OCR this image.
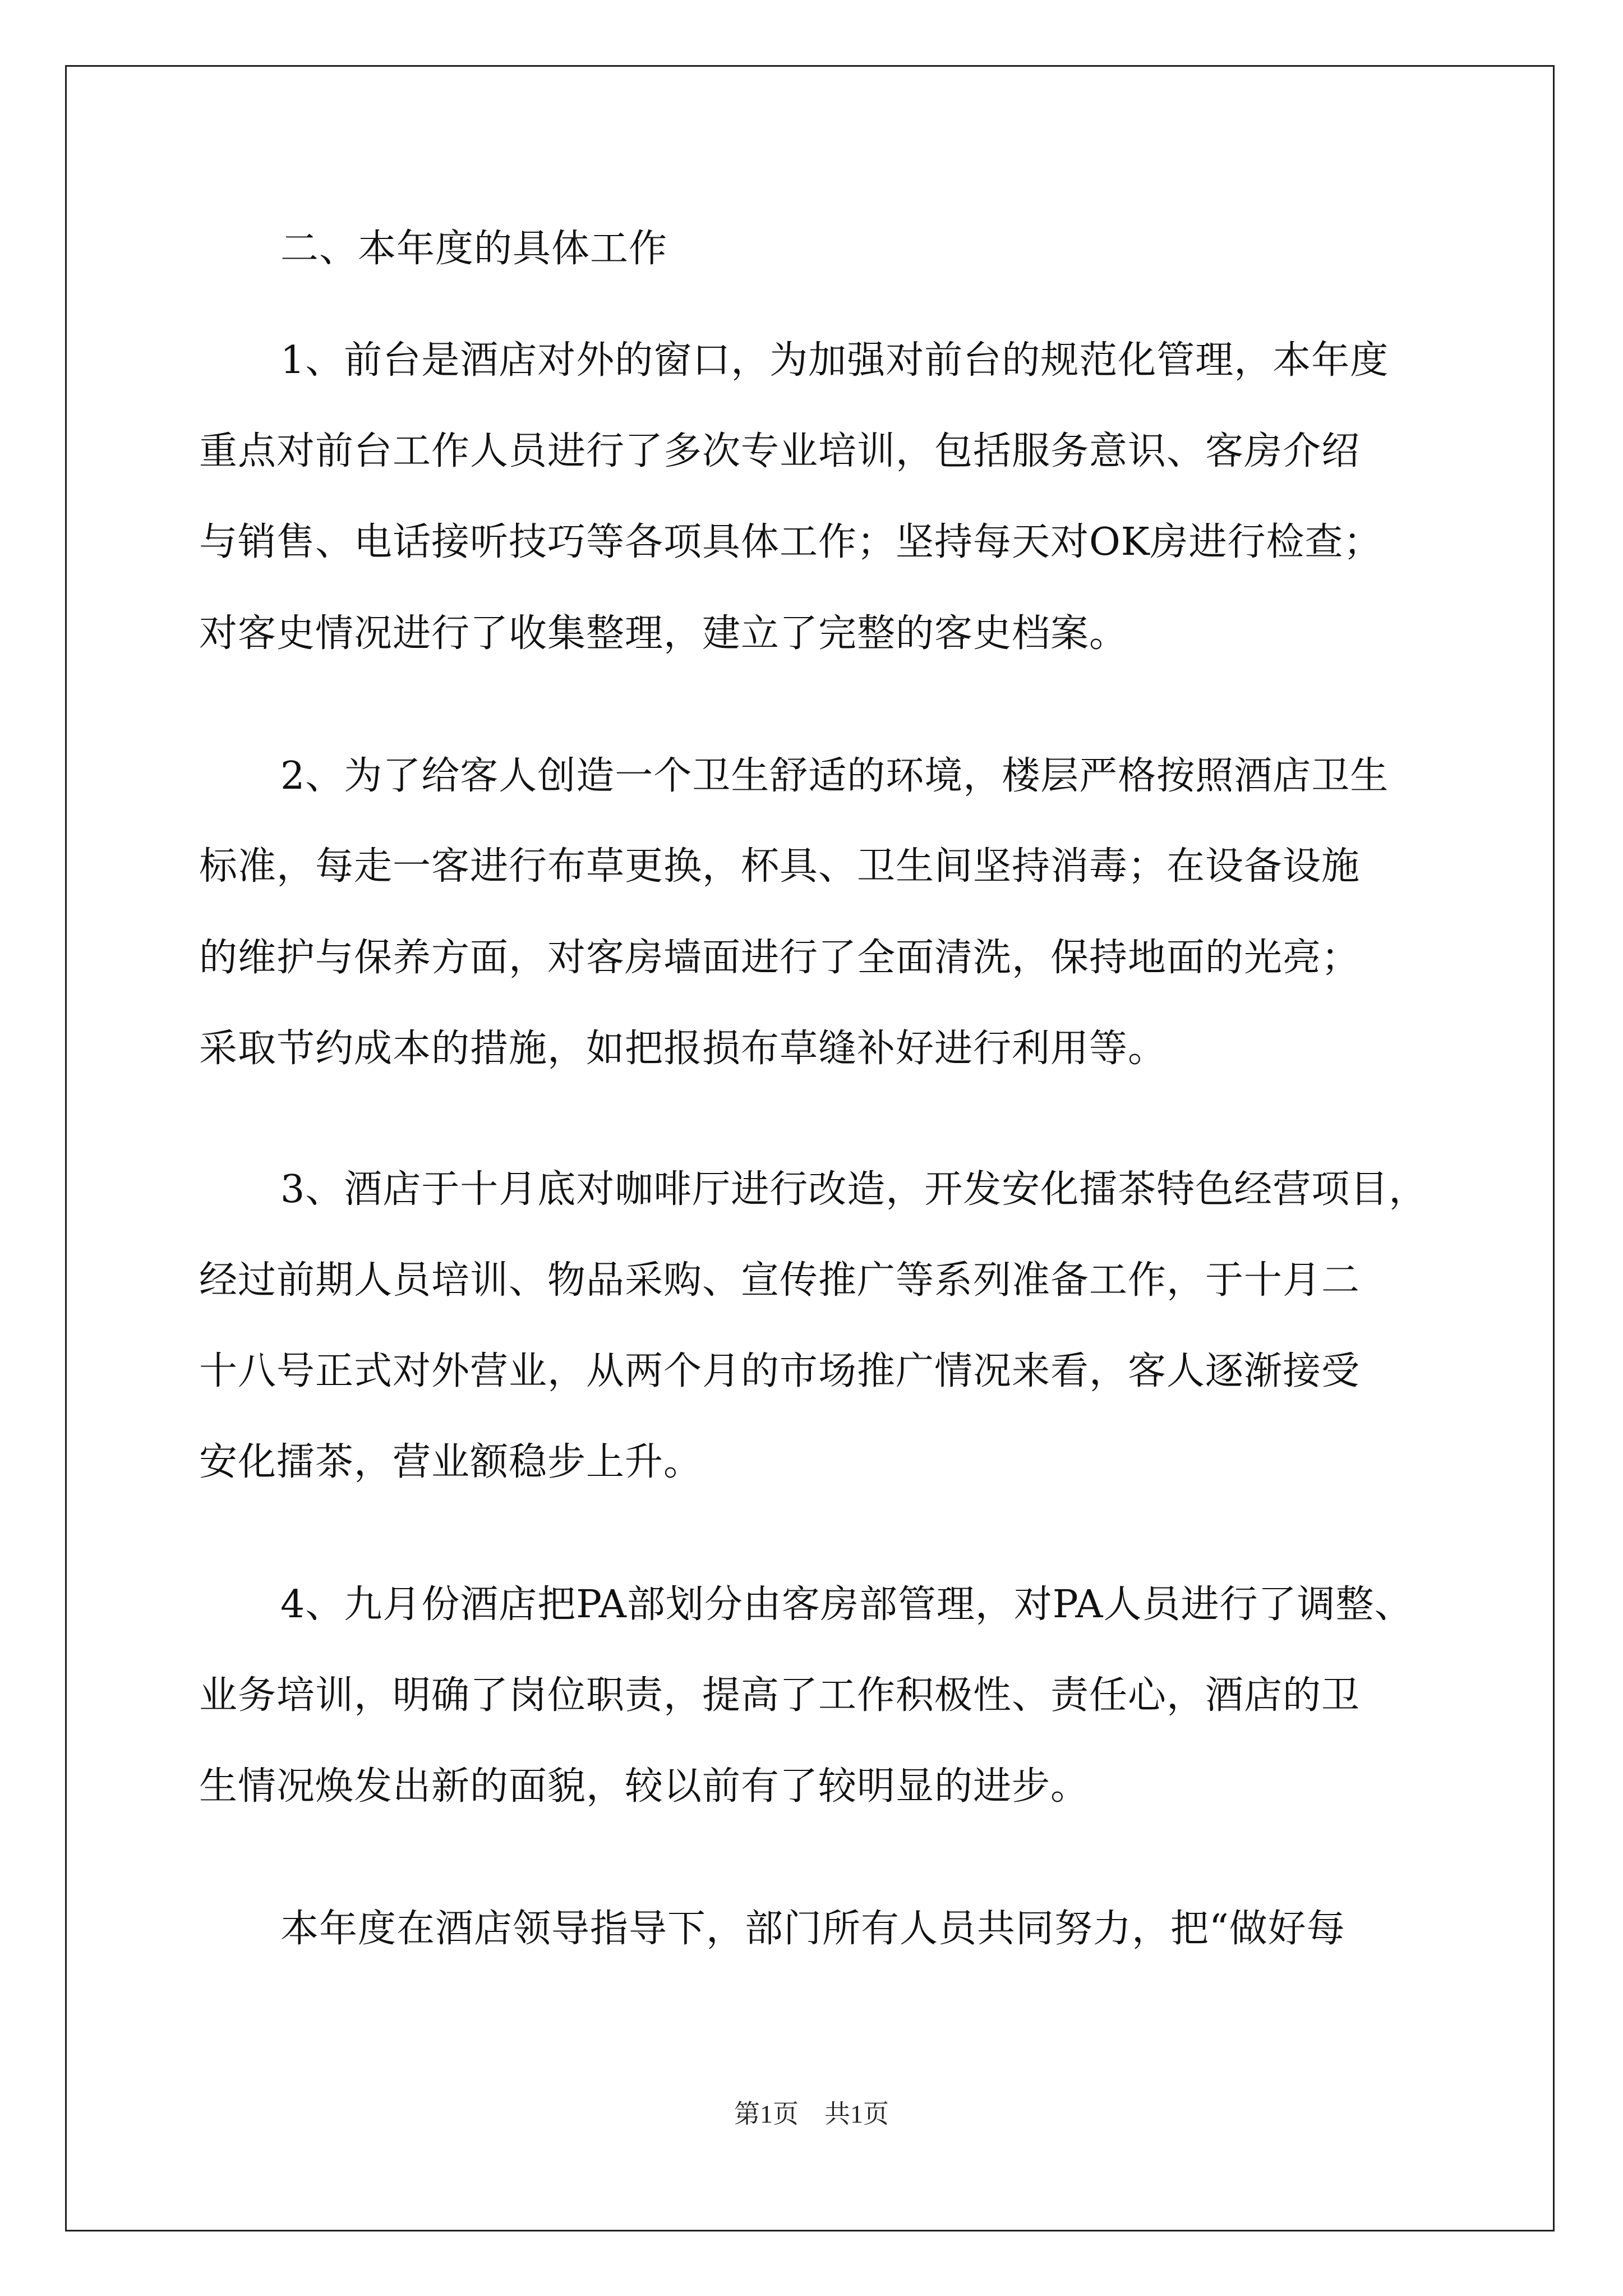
二、本年度的具体工作
1、前台是酒店对外的窗口，为加强对前台的规范化管理，本年度
重点对前台工作人员进行了多次专业培训，包括服务意识、客房介绍
与销售、电话接听技巧等各项具体工作；坚持每天对OK房进行检查；
对客史情况进行了收集整理，建立了完整的客史档案。
2、为了给客人创造一个卫生舒适的环境，楼层严格按照酒店卫生
标准，每走一客进行布草更换，杯具、卫生间坚持消毒；在设备设施
的维护与保养方面，对客房墙面进行了全面清洗，保持地面的光亮；
采取节约成本的措施，如把报损布草缝补好进行利用等。
3、酒店于十月底对咖啡厅进行改造，开发安化擂茶特色经营项目，
经过前期人员培训、物品采购、宣传推广等系列准备工作，于十月二
十八号正式对外营业，从两个月的市场推广情况来看，客人逐渐接受
安化擂茶，营业额稳步上升。
4、九月份酒店把PA部划分由客房部管理，对PA人员进行了调整、
业务培训，明确了岗位职责，提高了工作积极性、责任心，酒店的卫
生情况焕发出新的面貌，较以前有了较明显的进步。
本年度在酒店领导指导下，部门所有人员共同努力，把“做好每
第1页　共1页
